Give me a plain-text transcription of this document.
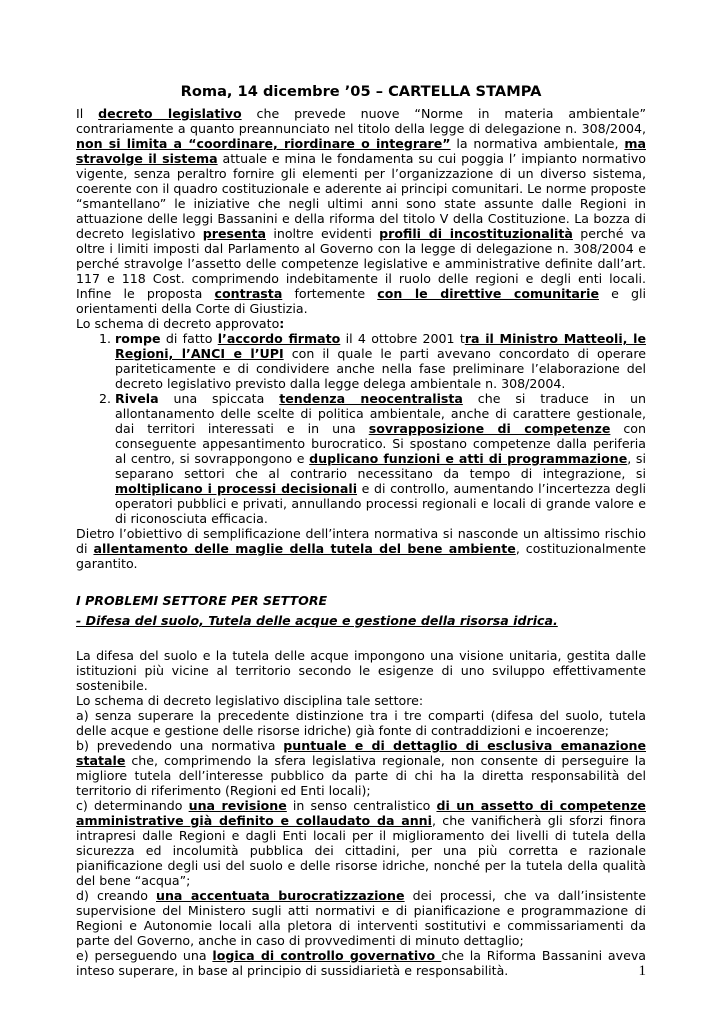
Roma, 14 dicembre ’05 – CARTELLA STAMPA

Il decreto legislativo che prevede nuove “Norme in materia ambientale” contrariamente a quanto preannunciato nel titolo della legge di delegazione n. 308/2004, non si limita a “coordinare, riordinare o integrare” la normativa ambientale, ma stravolge il sistema attuale e mina le fondamenta su cui poggia l’ impianto normativo vigente, senza peraltro fornire gli elementi per l’organizzazione di un diverso sistema, coerente con il quadro costituzionale e aderente ai principi comunitari. Le norme proposte “smantellano” le iniziative che negli ultimi anni sono state assunte dalle Regioni in attuazione delle leggi Bassanini e della riforma del titolo V della Costituzione. La bozza di decreto legislativo presenta inoltre evidenti profili di incostituzionalità perché va oltre i limiti imposti dal Parlamento al Governo con la legge di delegazione n. 308/2004 e perché stravolge l’assetto delle competenze legislative e amministrative definite dall’art. 117 e 118 Cost. comprimendo indebitamente il ruolo delle regioni e degli enti locali. Infine le proposta contrasta fortemente con le direttive comunitarie e gli orientamenti della Corte di Giustizia.

Lo schema di decreto approvato:

1. rompe di fatto l’accordo firmato il 4 ottobre 2001 tra il Ministro Matteoli, le Regioni, l’ANCI e l’UPI con il quale le parti avevano concordato di operare pariteticamente e di condividere anche nella fase preliminare l’elaborazione del decreto legislativo previsto dalla legge delega ambientale n. 308/2004.
2. Rivela una spiccata tendenza neocentralista che si traduce in un allontanamento delle scelte di politica ambientale, anche di carattere gestionale, dai territori interessati e in una sovrapposizione di competenze con conseguente appesantimento burocratico. Si spostano competenze dalla periferia al centro, si sovrappongono e duplicano funzioni e atti di programmazione, si separano settori che al contrario necessitano da tempo di integrazione, si moltiplicano i processi decisionali e di controllo, aumentando l’incertezza degli operatori pubblici e privati, annullando processi regionali e locali di grande valore e di riconosciuta efficacia.

Dietro l’obiettivo di semplificazione dell’intera normativa si nasconde un altissimo rischio di allentamento delle maglie della tutela del bene ambiente, costituzionalmente garantito.

I PROBLEMI SETTORE PER SETTORE

- Difesa del suolo, Tutela delle acque e gestione della risorsa idrica.

La difesa del suolo e la tutela delle acque impongono una visione unitaria, gestita dalle istituzioni più vicine al territorio secondo le esigenze di uno sviluppo effettivamente sostenibile.

Lo schema di decreto legislativo disciplina tale settore:

a) senza superare la precedente distinzione tra i tre comparti (difesa del suolo, tutela delle acque e gestione delle risorse idriche) già fonte di contraddizioni e incoerenze;

b) prevedendo una normativa puntuale e di dettaglio di esclusiva emanazione statale che, comprimendo la sfera legislativa regionale, non consente di perseguire la migliore tutela dell’interesse pubblico da parte di chi ha la diretta responsabilità del territorio di riferimento (Regioni ed Enti locali);

c) determinando una revisione in senso centralistico di un assetto di competenze amministrative già definito e collaudato da anni, che vanificherà gli sforzi finora intrapresi dalle Regioni e dagli Enti locali per il miglioramento dei livelli di tutela della sicurezza ed incolumità pubblica dei cittadini, per una più corretta e razionale pianificazione degli usi del suolo e delle risorse idriche, nonché per la tutela della qualità del bene “acqua”;

d) creando una accentuata burocratizzazione dei processi, che va dall’insistente supervisione del Ministero sugli atti normativi e di pianificazione e programmazione di Regioni e Autonomie locali alla pletora di interventi sostitutivi e commissariamenti da parte del Governo, anche in caso di provvedimenti di minuto dettaglio;

e) perseguendo una logica di controllo governativo che la Riforma Bassanini aveva inteso superare, in base al principio di sussidiarietà e responsabilità.	1
